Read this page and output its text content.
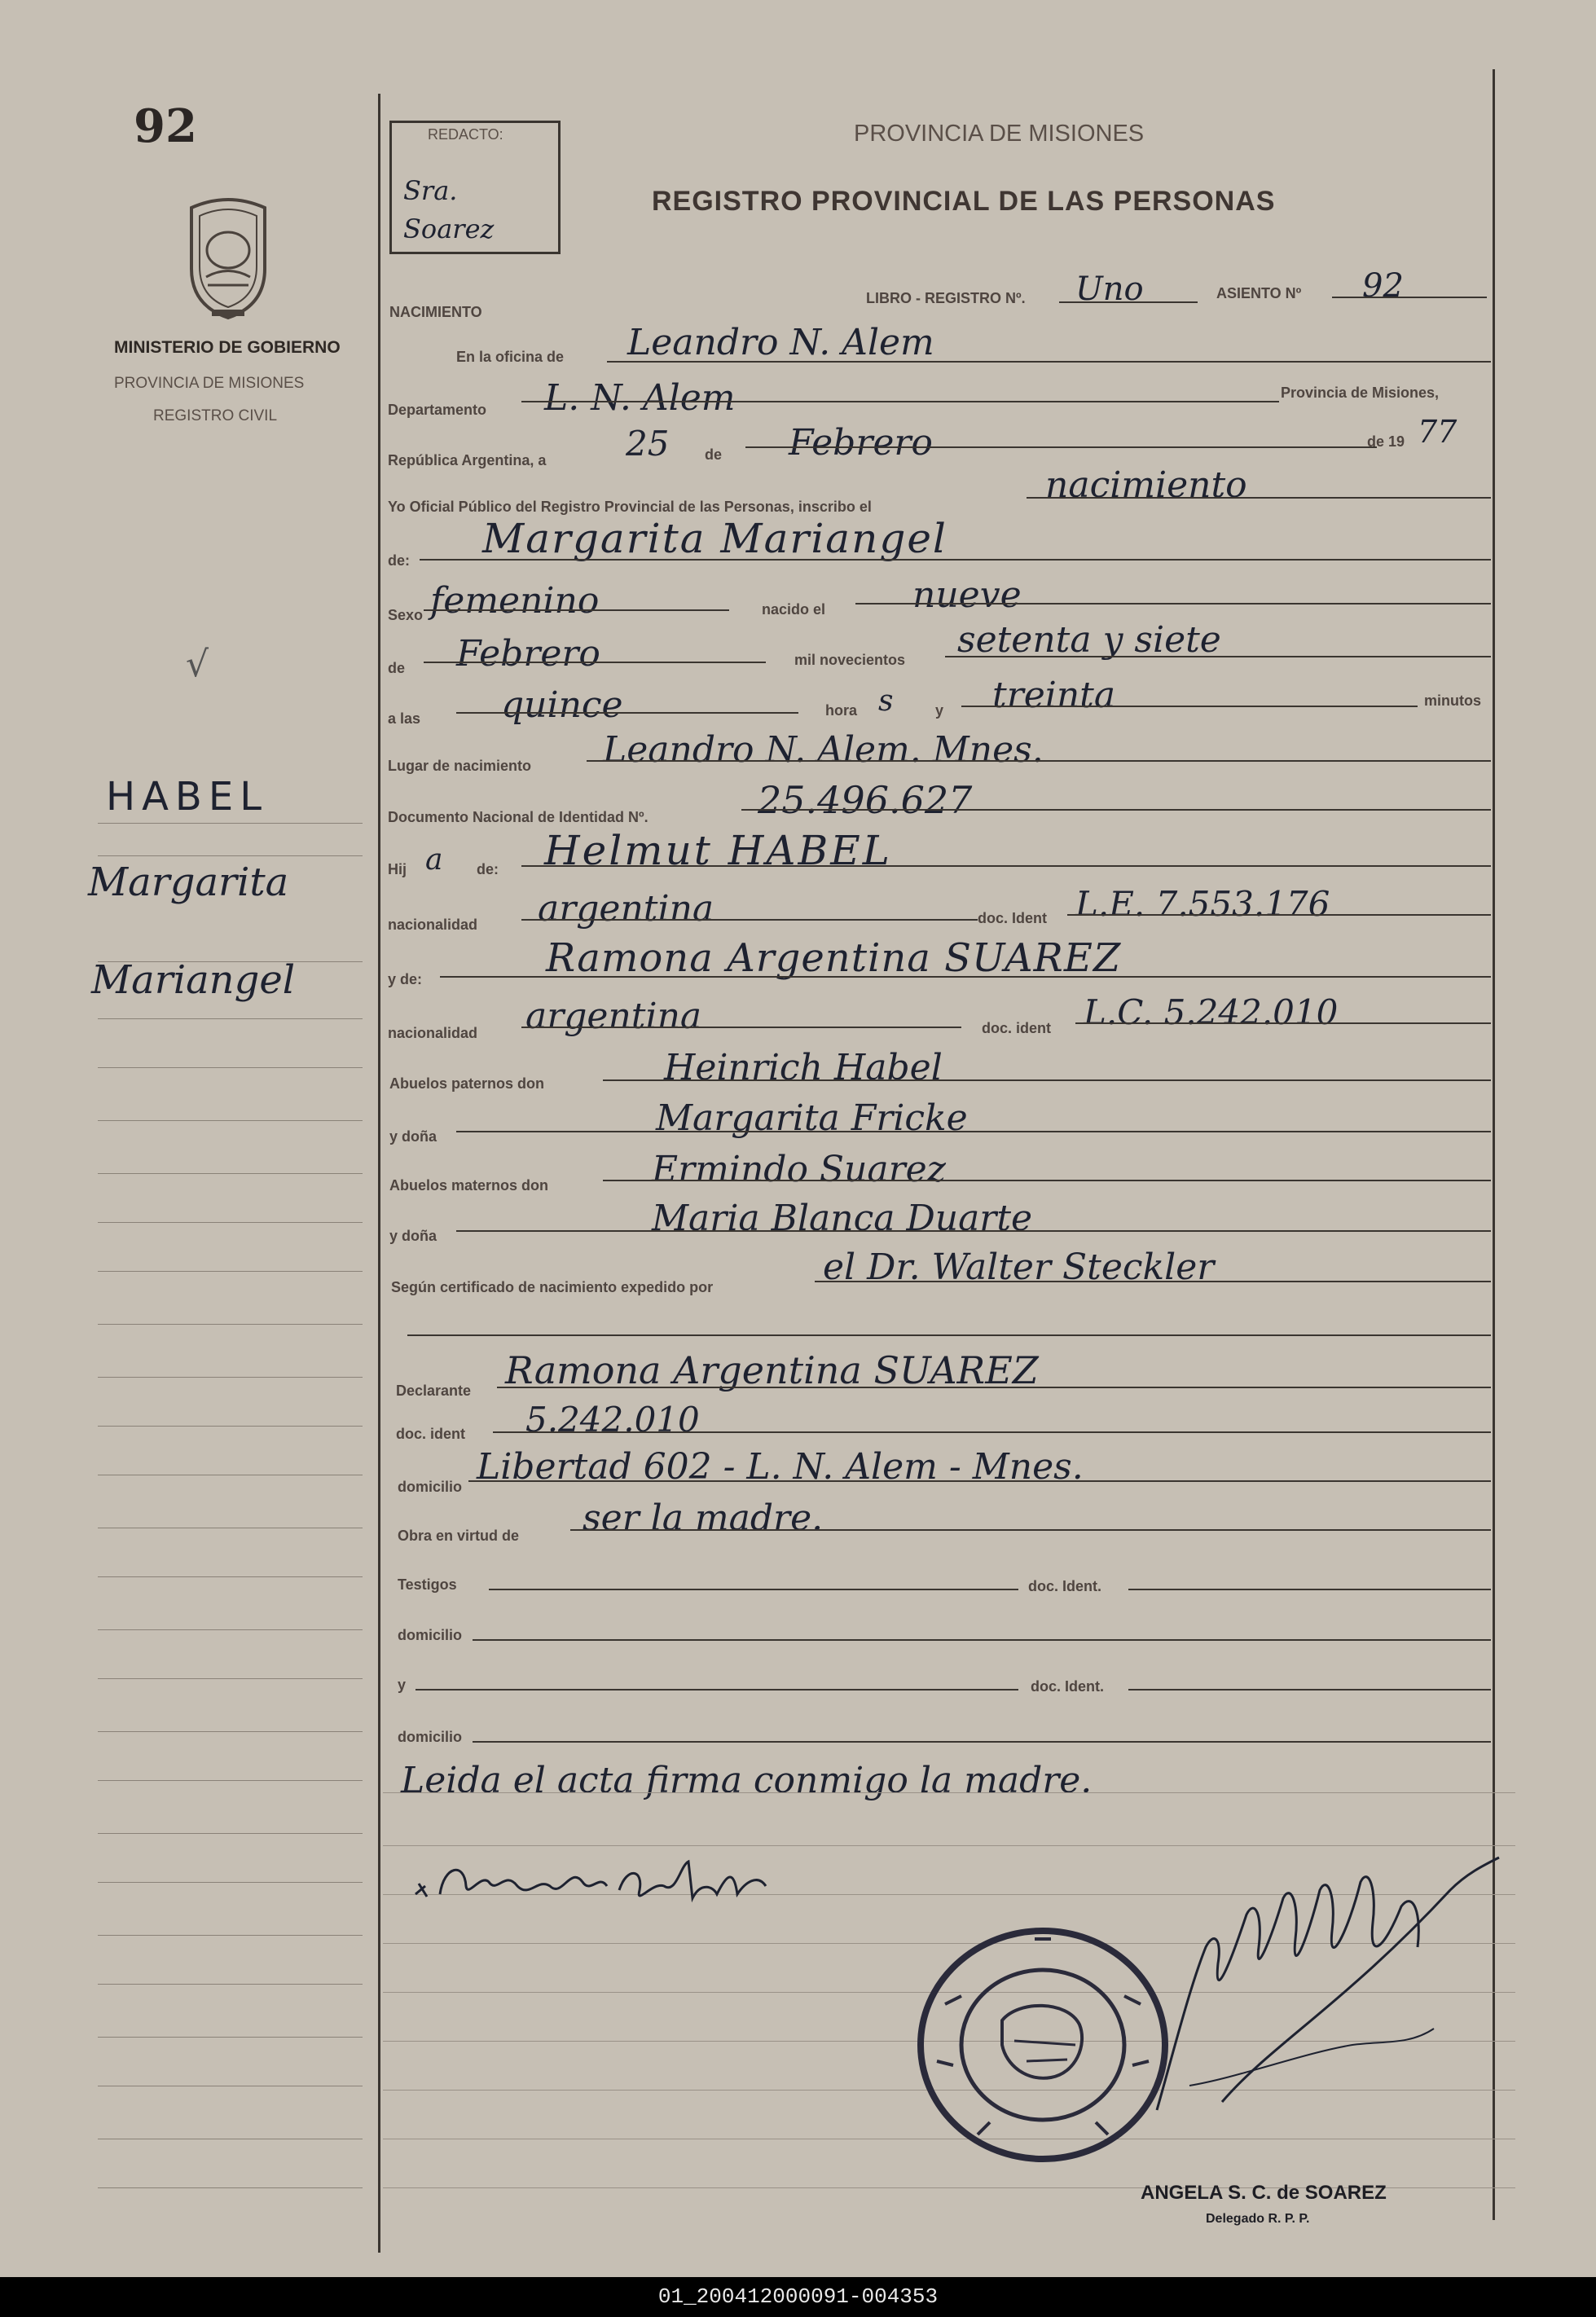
92
MINISTERIO DE GOBIERNO
PROVINCIA DE MISIONES
REGISTRO CIVIL
√
HABEL
Margarita
Mariangel
REDACTO:
Sra.
Soarez
PROVINCIA DE MISIONES
REGISTRO PROVINCIAL DE LAS PERSONAS
NACIMIENTO
LIBRO - REGISTRO Nº. Uno	ASIENTO Nº 92
En la oficina de Leandro N. Alem
Departamento L. N. Alem	Provincia de Misiones,
República Argentina, a 25 de Febrero	de 19 77
Yo Oficial Público del Registro Provincial de las Personas, inscribo el
nacimiento
de: Margarita Mariangel
Sexo femenino	nacido el nueve
de Febrero	mil novecientos setenta y siete
a las quince	hora s	y treinta	minutos
Lugar de nacimiento Leandro N. Alem. Mnes.
Documento Nacional de Identidad Nº.	25.496.627
Hij a de: Helmut HABEL
nacionalidad argentina	doc. Ident L.E. 7.553.176
y de:	Ramona Argentina SUAREZ
nacionalidad argentina	doc. ident L.C. 5.242.010
Abuelos paternos don	Heinrich Habel
y doña	Margarita Fricke
Abuelos maternos don	Ermindo Suarez
y doña	Maria Blanca Duarte
Según certificado de nacimiento expedido por	el Dr. Walter Steckler
Declarante Ramona Argentina SUAREZ
doc. ident 5.242.010
domicilio Libertad 602 - L. N. Alem - Mnes.
Obra en virtud de ser la madre.
Testigos	doc. Ident.
domicilio
y	doc. Ident.
domicilio
Leida el acta firma conmigo la madre.
ANGELA S. C. de SOAREZ
Delegado R. P. P.
01_200412000091-004353
